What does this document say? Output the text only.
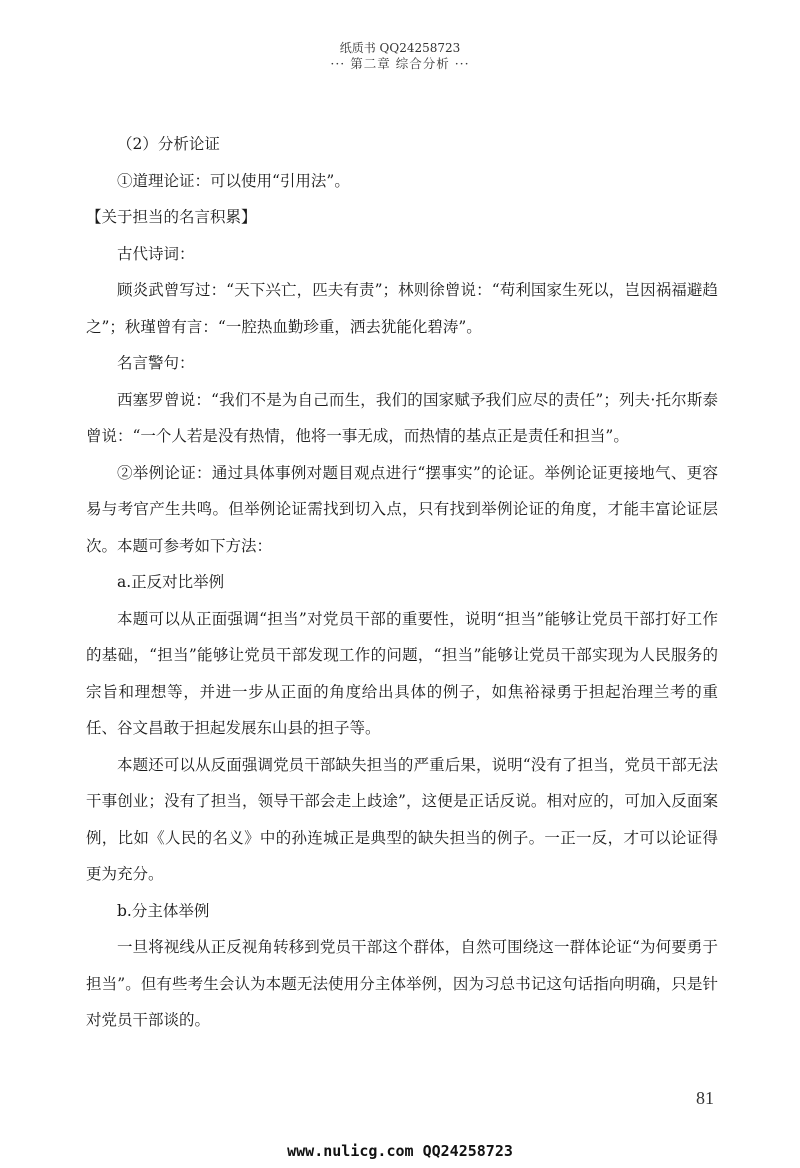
纸质书 QQ24258723
··· 第二章 综合分析 ···

（2）分析论证

①道理论证：可以使用“引用法”。

【关于担当的名言积累】

古代诗词：

顾炎武曾写过：“天下兴亡，匹夫有责”；林则徐曾说：“苟利国家生死以，岂因祸福避趋之”；秋瑾曾有言：“一腔热血勤珍重，洒去犹能化碧涛”。

名言警句：

西塞罗曾说：“我们不是为自己而生，我们的国家赋予我们应尽的责任”；列夫·托尔斯泰曾说：“一个人若是没有热情，他将一事无成，而热情的基点正是责任和担当”。

②举例论证：通过具体事例对题目观点进行“摆事实”的论证。举例论证更接地气、更容易与考官产生共鸣。但举例论证需找到切入点，只有找到举例论证的角度，才能丰富论证层次。本题可参考如下方法：

a.正反对比举例

本题可以从正面强调“担当”对党员干部的重要性，说明“担当”能够让党员干部打好工作的基础，“担当”能够让党员干部发现工作的问题，“担当”能够让党员干部实现为人民服务的宗旨和理想等，并进一步从正面的角度给出具体的例子，如焦裕禄勇于担起治理兰考的重任、谷文昌敢于担起发展东山县的担子等。

本题还可以从反面强调党员干部缺失担当的严重后果，说明“没有了担当，党员干部无法干事创业；没有了担当，领导干部会走上歧途”，这便是正话反说。相对应的，可加入反面案例，比如《人民的名义》中的孙连城正是典型的缺失担当的例子。一正一反，才可以论证得更为充分。

b.分主体举例

一旦将视线从正反视角转移到党员干部这个群体，自然可围绕这一群体论证“为何要勇于担当”。但有些考生会认为本题无法使用分主体举例，因为习总书记这句话指向明确，只是针对党员干部谈的。

81
www.nulicg.com QQ24258723
